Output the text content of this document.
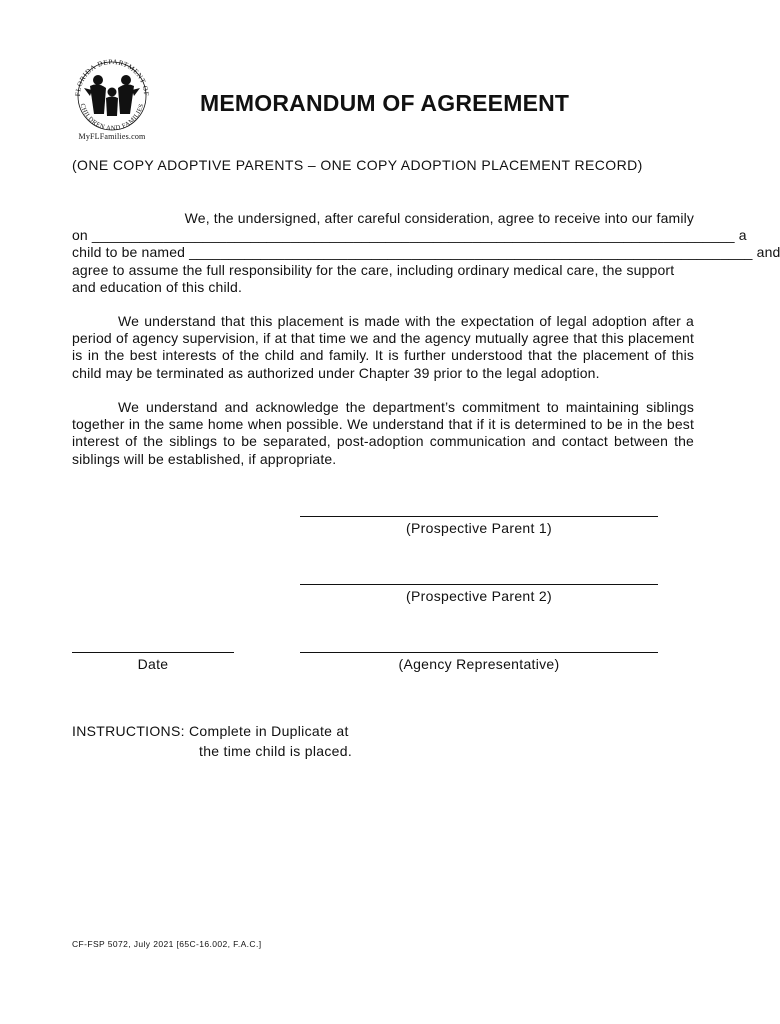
FLORIDA DEPARTMENT OF
CHILDREN AND FAMILIES
MyFLFamilies.com
MEMORANDUM OF AGREEMENT
(ONE COPY ADOPTIVE PARENTS – ONE COPY ADOPTION PLACEMENT RECORD)
We, the undersigned, after careful consideration, agree to receive into our family
on
_________________________________________________________________________________
a
child to be named
_______________________________________________________________________
and
agree to assume the full responsibility for the care, including ordinary medical care, the support and education of this child.
We understand that this placement is made with the expectation of legal adoption after a period of agency supervision, if at that time we and the agency mutually agree that this placement is in the best interests of the child and family. It is further understood that the placement of this child may be terminated as authorized under Chapter 39 prior to the legal adoption.
We understand and acknowledge the department’s commitment to maintaining siblings together in the same home when possible. We understand that if it is determined to be in the best interest of the siblings to be separated, post-adoption communication and contact between the siblings will be established, if appropriate.
(Prospective Parent 1)
(Prospective Parent 2)
Date	(Agency Representative)
INSTRUCTIONS: Complete in Duplicate at
the time child is placed.
CF-FSP 5072, July 2021 [65C-16.002, F.A.C.]
